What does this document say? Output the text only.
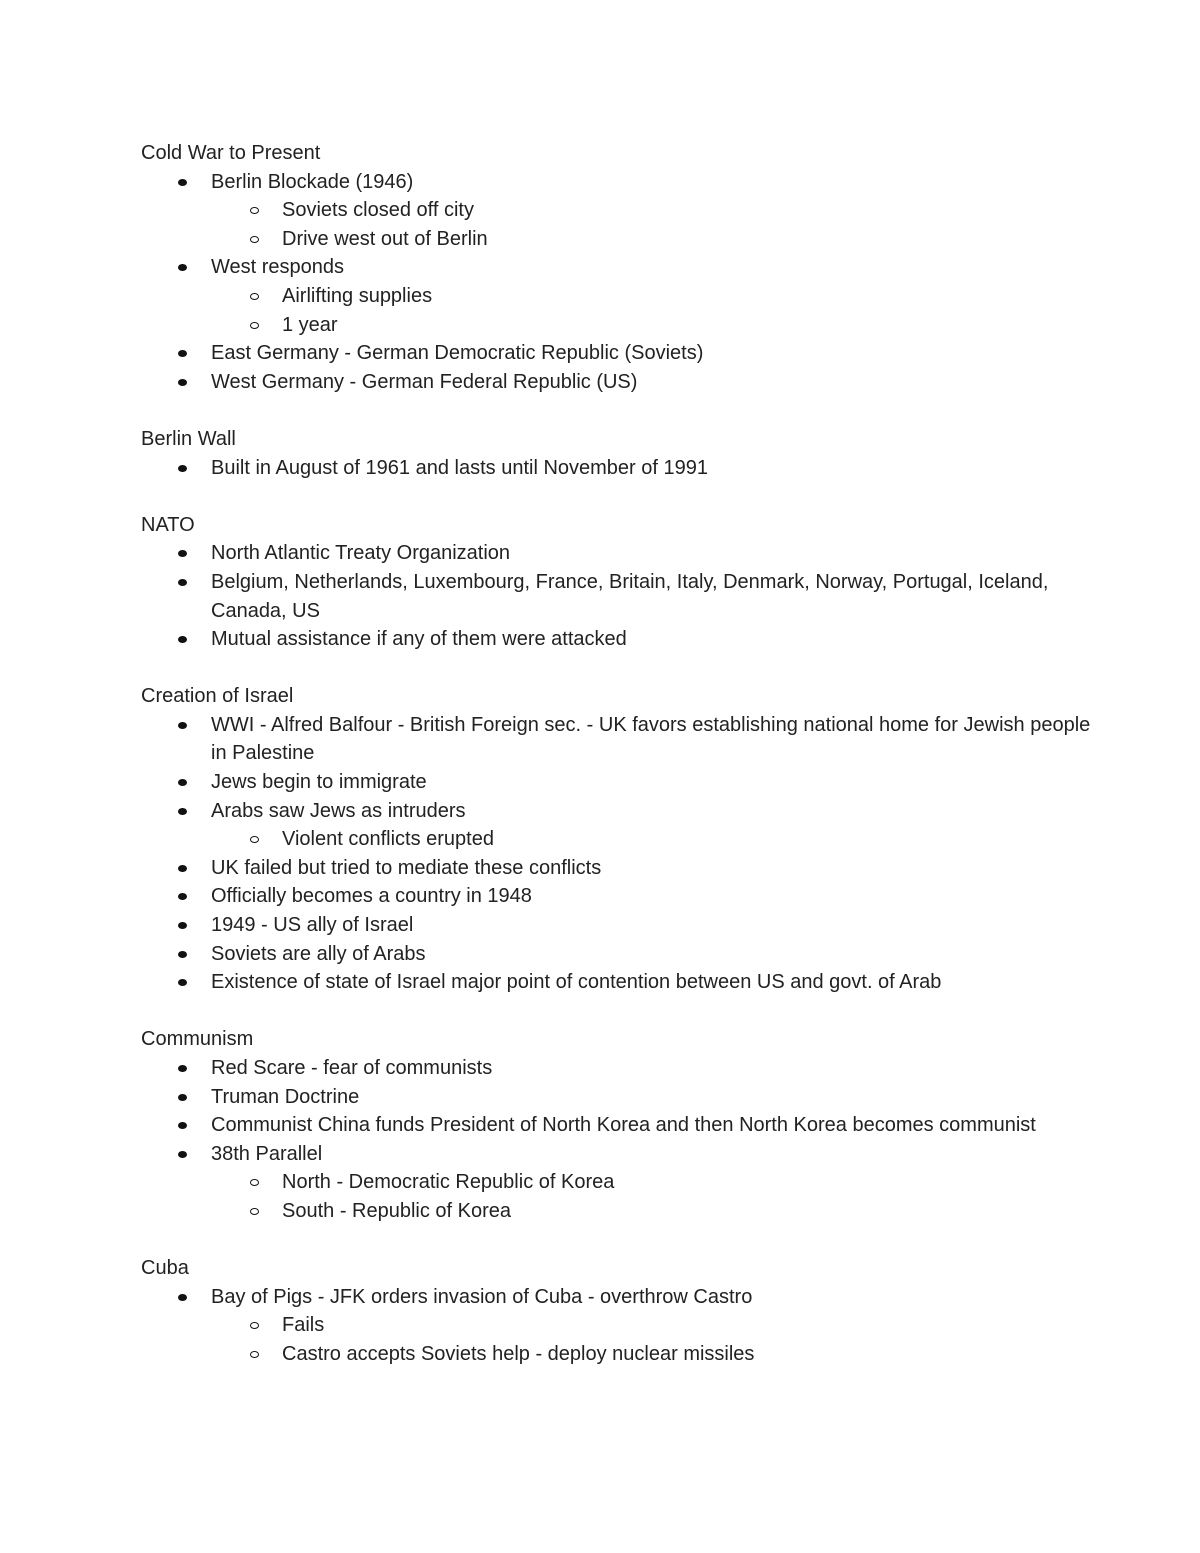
Cold War to Present
Berlin Blockade (1946)
Soviets closed off city
Drive west out of Berlin
West responds
Airlifting supplies
1 year
East Germany - German Democratic Republic (Soviets)
West Germany - German Federal Republic (US)
Berlin Wall
Built in August of 1961 and lasts until November of 1991
NATO
North Atlantic Treaty Organization
Belgium, Netherlands, Luxembourg, France, Britain, Italy, Denmark, Norway, Portugal, Iceland, Canada, US
Mutual assistance if any of them were attacked
Creation of Israel
WWI - Alfred Balfour - British Foreign sec. - UK favors establishing national home for Jewish people in Palestine
Jews begin to immigrate
Arabs saw Jews as intruders
Violent conflicts erupted
UK failed but tried to mediate these conflicts
Officially becomes a country in 1948
1949 - US ally of Israel
Soviets are ally of Arabs
Existence of state of Israel major point of contention between US and govt. of Arab
Communism
Red Scare - fear of communists
Truman Doctrine
Communist China funds President of North Korea and then North Korea becomes communist
38th Parallel
North - Democratic Republic of Korea
South - Republic of Korea
Cuba
Bay of Pigs - JFK orders invasion of Cuba - overthrow Castro
Fails
Castro accepts Soviets help - deploy nuclear missiles
